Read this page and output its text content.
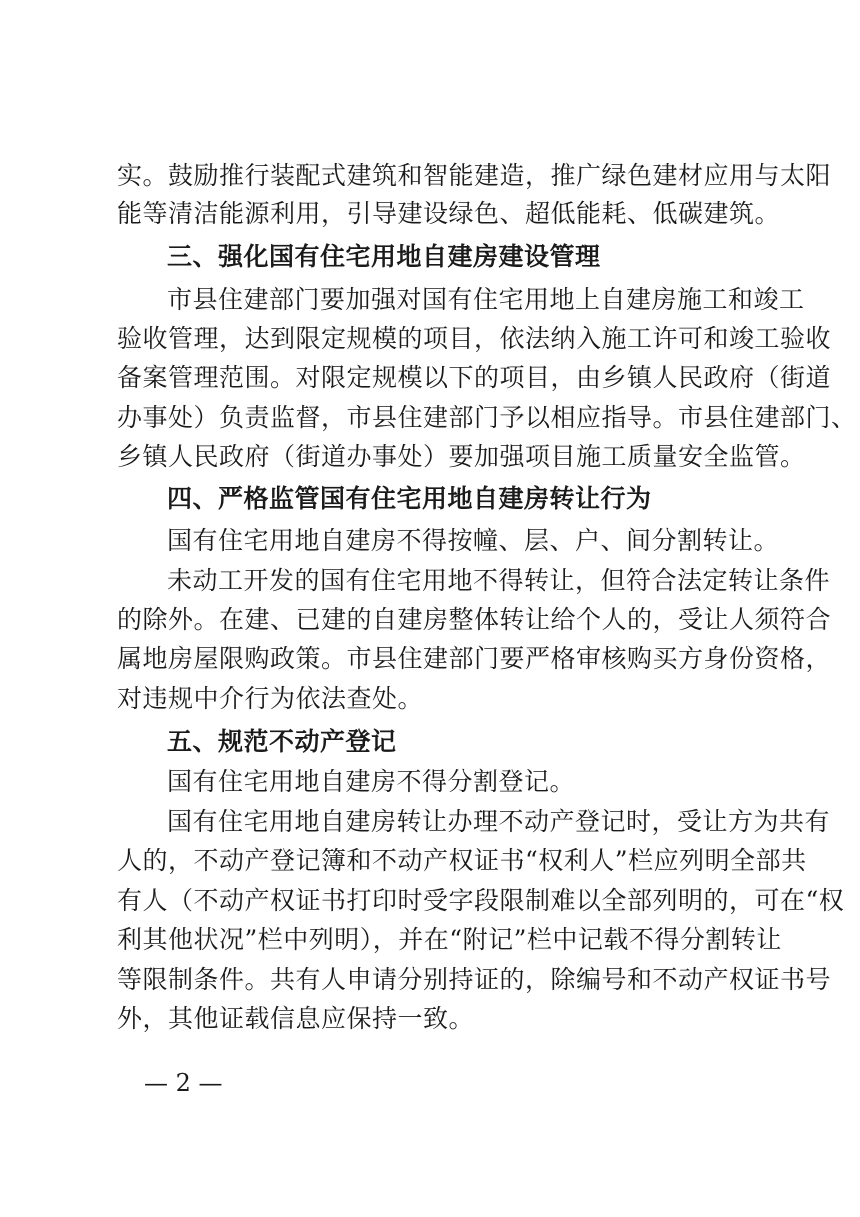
实。鼓励推行装配式建筑和智能建造，推广绿色建材应用与太阳
能等清洁能源利用，引导建设绿色、超低能耗、低碳建筑。
三、强化国有住宅用地自建房建设管理
市县住建部门要加强对国有住宅用地上自建房施工和竣工
验收管理，达到限定规模的项目，依法纳入施工许可和竣工验收
备案管理范围。对限定规模以下的项目，由乡镇人民政府（街道
办事处）负责监督，市县住建部门予以相应指导。市县住建部门、
乡镇人民政府（街道办事处）要加强项目施工质量安全监管。
四、严格监管国有住宅用地自建房转让行为
国有住宅用地自建房不得按幢、层、户、间分割转让。
未动工开发的国有住宅用地不得转让，但符合法定转让条件
的除外。在建、已建的自建房整体转让给个人的，受让人须符合
属地房屋限购政策。市县住建部门要严格审核购买方身份资格，
对违规中介行为依法查处。
五、规范不动产登记
国有住宅用地自建房不得分割登记。
国有住宅用地自建房转让办理不动产登记时，受让方为共有
人的，不动产登记簿和不动产权证书“权利人”栏应列明全部共
有人（不动产权证书打印时受字段限制难以全部列明的，可在“权
利其他状况”栏中列明），并在“附记”栏中记载不得分割转让
等限制条件。共有人申请分别持证的，除编号和不动产权证书号
外，其他证载信息应保持一致。
— 2 —
